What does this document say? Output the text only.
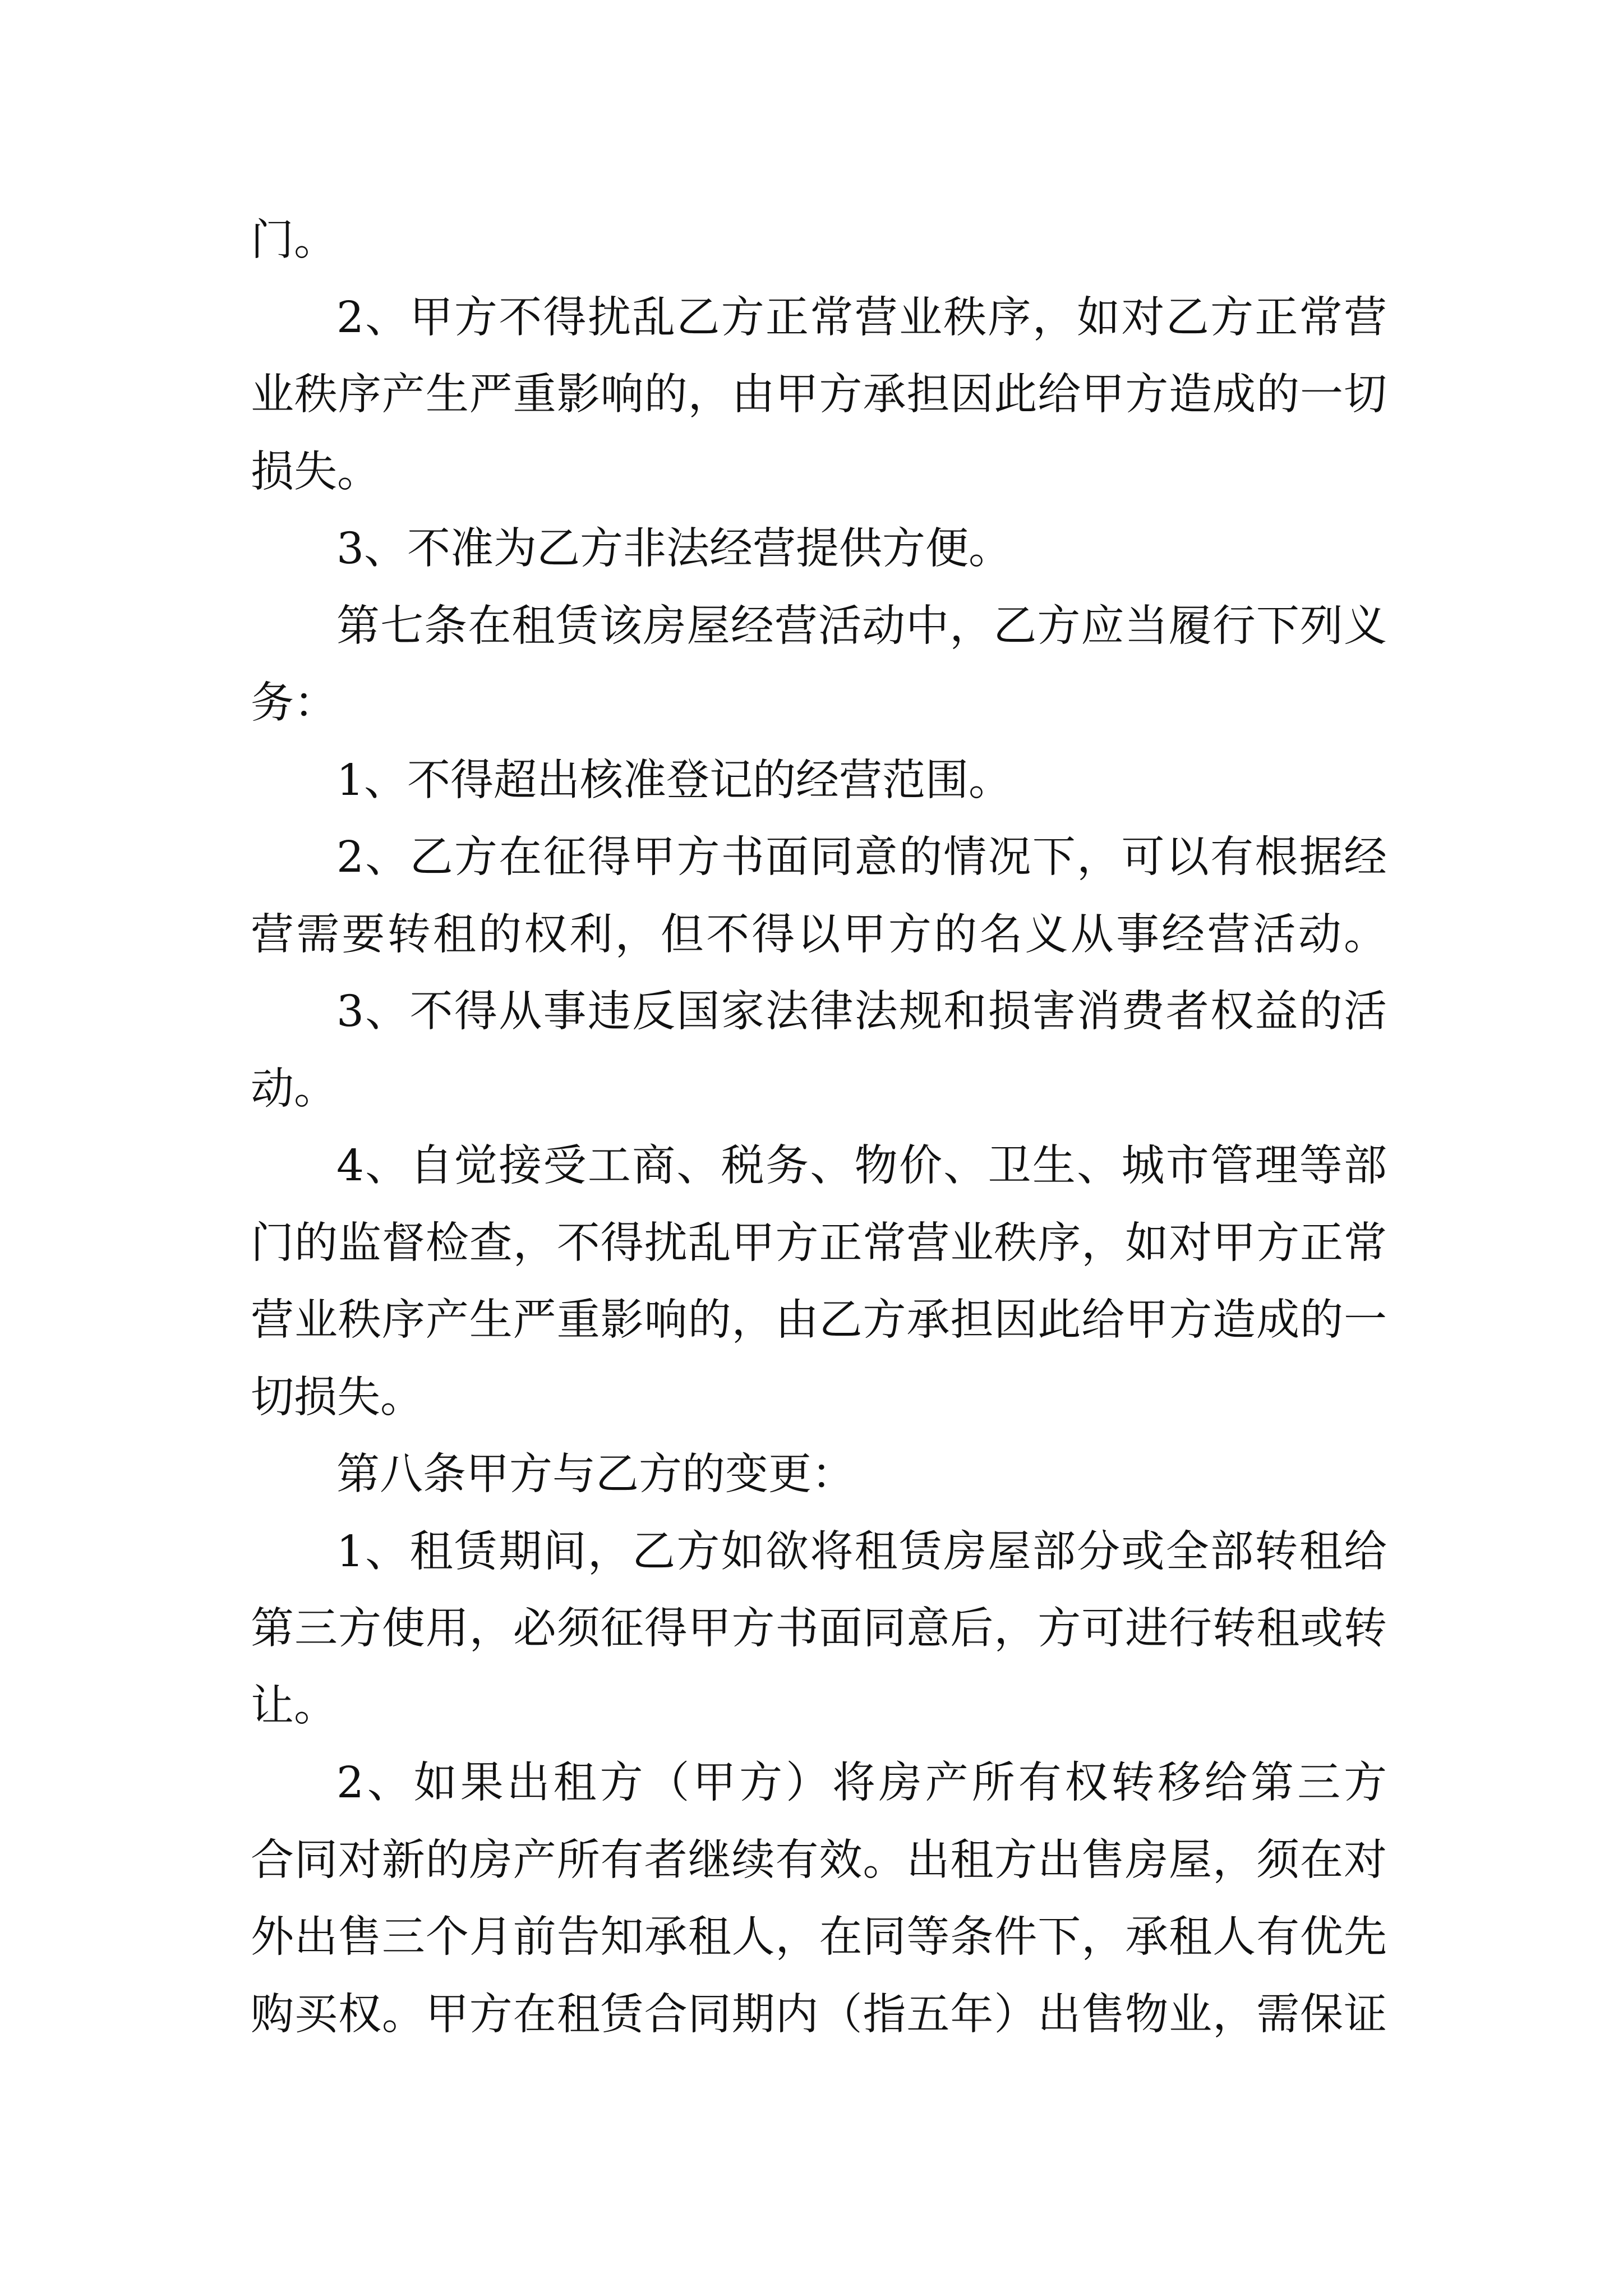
门。
2、甲方不得扰乱乙方正常营业秩序，如对乙方正常营
业秩序产生严重影响的，由甲方承担因此给甲方造成的一切
损失。
3、不准为乙方非法经营提供方便。
第七条在租赁该房屋经营活动中，乙方应当履行下列义
务：
1、不得超出核准登记的经营范围。
2、乙方在征得甲方书面同意的情况下，可以有根据经
营需要转租的权利，但不得以甲方的名义从事经营活动。
3、不得从事违反国家法律法规和损害消费者权益的活
动。
4、自觉接受工商、税务、物价、卫生、城市管理等部
门的监督检查，不得扰乱甲方正常营业秩序，如对甲方正常
营业秩序产生严重影响的，由乙方承担因此给甲方造成的一
切损失。
第八条甲方与乙方的变更：
1、租赁期间，乙方如欲将租赁房屋部分或全部转租给
第三方使用，必须征得甲方书面同意后，方可进行转租或转
让。
2、如果出租方（甲方）将房产所有权转移给第三方
合同对新的房产所有者继续有效。出租方出售房屋，须在对
外出售三个月前告知承租人，在同等条件下，承租人有优先
购买权。甲方在租赁合同期内（指五年）出售物业，需保证
